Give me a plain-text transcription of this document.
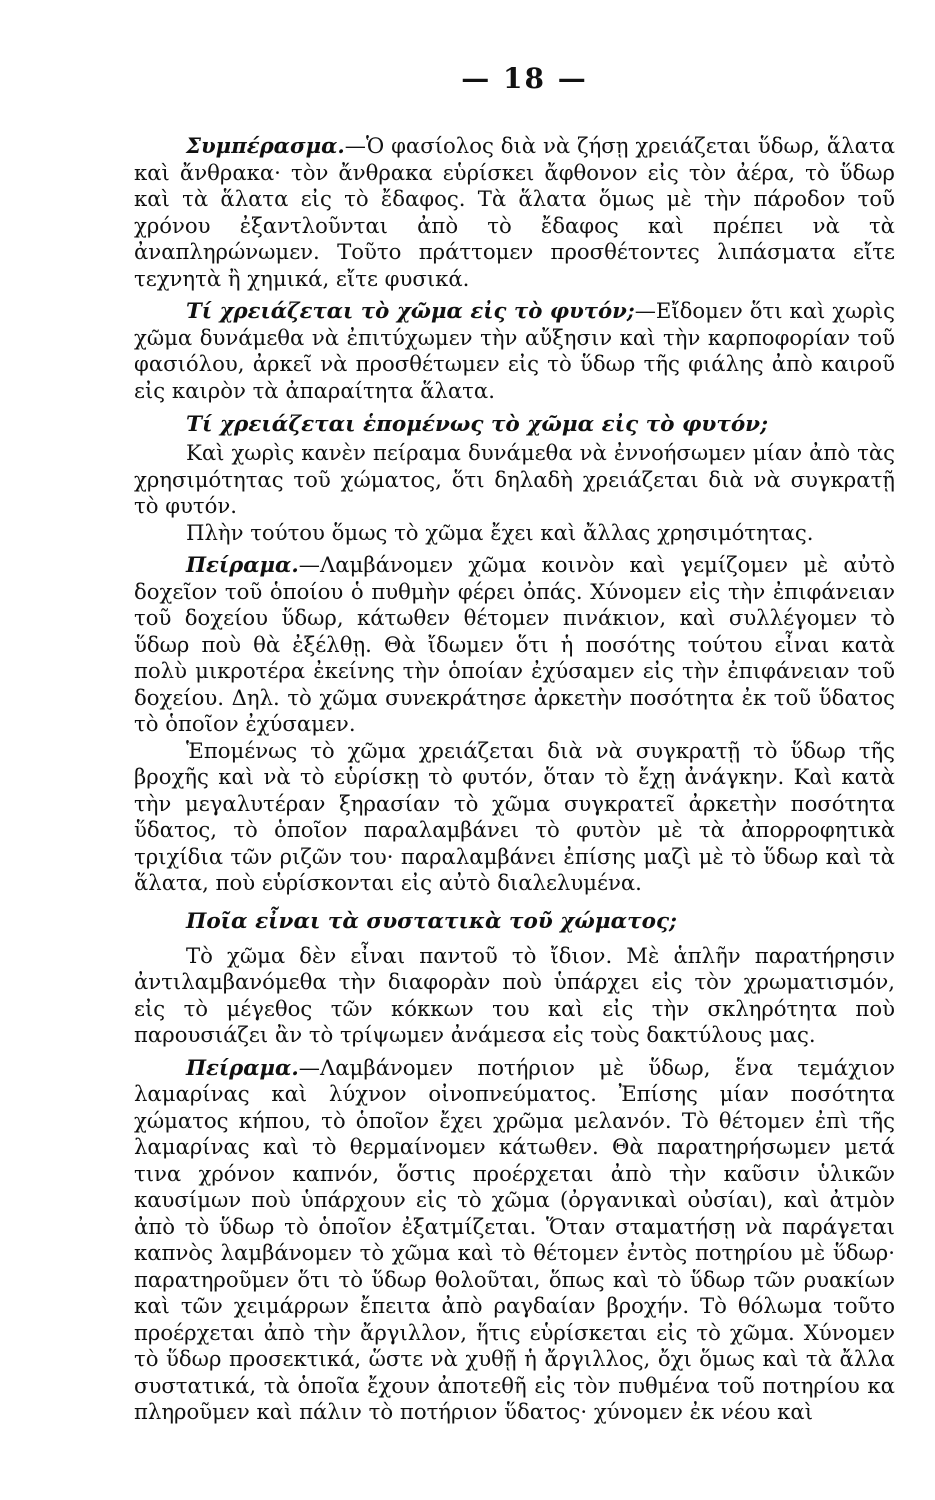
— 18 —

Συμπέρασμα.—Ὁ φασίολος διὰ νὰ ζήσῃ χρειάζεται ὕδωρ, ἅλατα καὶ ἄνθρακα· τὸν ἄνθρακα εὑρίσκει ἄφθονον εἰς τὸν ἀέρα, τὸ ὕδωρ καὶ τὰ ἅλατα εἰς τὸ ἔδαφος. Τὰ ἅλατα ὅμως μὲ τὴν πάροδον τοῦ χρόνου ἐξαντλοῦνται ἀπὸ τὸ ἔδαφος καὶ πρέπει νὰ τὰ ἀναπληρώνωμεν. Τοῦτο πράττομεν προσθέτοντες λιπάσματα εἴτε τεχνητὰ ἢ χημικά, εἴτε φυσικά.

Τί χρειάζεται τὸ χῶμα εἰς τὸ φυτόν;—Εἴδομεν ὅτι καὶ χωρὶς χῶμα δυνάμεθα νὰ ἐπιτύχωμεν τὴν αὔξησιν καὶ τὴν καρποφορίαν τοῦ φασιόλου, ἀρκεῖ νὰ προσθέτωμεν εἰς τὸ ὕδωρ τῆς φιάλης ἀπὸ καιροῦ εἰς καιρὸν τὰ ἀπαραίτητα ἅλατα.

Τί χρειάζεται ἑπομένως τὸ χῶμα εἰς τὸ φυτόν;

Καὶ χωρὶς κανὲν πείραμα δυνάμεθα νὰ ἐννοήσωμεν μίαν ἀπὸ τὰς χρησιμότητας τοῦ χώματος, ὅτι δηλαδὴ χρειάζεται διὰ νὰ συγκρατῇ τὸ φυτόν.

Πλὴν τούτου ὅμως τὸ χῶμα ἔχει καὶ ἄλλας χρησιμότητας.

Πείραμα.—Λαμβάνομεν χῶμα κοινὸν καὶ γεμίζομεν μὲ αὐτὸ δοχεῖον τοῦ ὁποίου ὁ πυθμὴν φέρει ὀπάς. Χύνομεν εἰς τὴν ἐπιφάνειαν τοῦ δοχείου ὕδωρ, κάτωθεν θέτομεν πινάκιον, καὶ συλλέγομεν τὸ ὕδωρ ποὺ θὰ ἐξέλθῃ. Θὰ ἴδωμεν ὅτι ἡ ποσότης τούτου εἶναι κατὰ πολὺ μικροτέρα ἐκείνης τὴν ὁποίαν ἐχύσαμεν εἰς τὴν ἐπιφάνειαν τοῦ δοχείου. Δηλ. τὸ χῶμα συνεκράτησε ἀρκετὴν ποσότητα ἐκ τοῦ ὕδατος τὸ ὁποῖον ἐχύσαμεν.

Ἑπομένως τὸ χῶμα χρειάζεται διὰ νὰ συγκρατῇ τὸ ὕδωρ τῆς βροχῆς καὶ νὰ τὸ εὑρίσκῃ τὸ φυτόν, ὅταν τὸ ἔχῃ ἀνάγκην. Καὶ κατὰ τὴν μεγαλυτέραν ξηρασίαν τὸ χῶμα συγκρατεῖ ἀρκετὴν ποσότητα ὕδατος, τὸ ὁποῖον παραλαμβάνει τὸ φυτὸν μὲ τὰ ἀπορροφητικὰ τριχίδια τῶν ριζῶν του· παραλαμβάνει ἐπίσης μαζὶ μὲ τὸ ὕδωρ καὶ τὰ ἅλατα, ποὺ εὑρίσκονται εἰς αὐτὸ διαλελυμένα.

Ποῖα εἶναι τὰ συστατικὰ τοῦ χώματος;

Τὸ χῶμα δὲν εἶναι παντοῦ τὸ ἴδιον. Μὲ ἁπλῆν παρατήρησιν ἀντιλαμβανόμεθα τὴν διαφορὰν ποὺ ὑπάρχει εἰς τὸν χρωματισμόν, εἰς τὸ μέγεθος τῶν κόκκων του καὶ εἰς τὴν σκληρότητα ποὺ παρουσιάζει ἂν τὸ τρίψωμεν ἀνάμεσα εἰς τοὺς δακτύλους μας.

Πείραμα.—Λαμβάνομεν ποτήριον μὲ ὕδωρ, ἕνα τεμάχιον λαμαρίνας καὶ λύχνον οἰνοπνεύματος. Ἐπίσης μίαν ποσότητα χώματος κήπου, τὸ ὁποῖον ἔχει χρῶμα μελανόν. Τὸ θέτομεν ἐπὶ τῆς λαμαρίνας καὶ τὸ θερμαίνομεν κάτωθεν. Θὰ παρατηρήσωμεν μετά τινα χρόνον καπνόν, ὅστις προέρχεται ἀπὸ τὴν καῦσιν ὑλικῶν καυσίμων ποὺ ὑπάρχουν εἰς τὸ χῶμα (ὀργανικαὶ οὐσίαι), καὶ ἀτμὸν ἀπὸ τὸ ὕδωρ τὸ ὁποῖον ἐξατμίζεται. Ὅταν σταματήσῃ νὰ παράγεται καπνὸς λαμβάνομεν τὸ χῶμα καὶ τὸ θέτομεν ἐντὸς ποτηρίου μὲ ὕδωρ· παρατηροῦμεν ὅτι τὸ ὕδωρ θολοῦται, ὅπως καὶ τὸ ὕδωρ τῶν ρυακίων καὶ τῶν χειμάρρων ἔπειτα ἀπὸ ραγδαίαν βροχήν. Τὸ θόλωμα τοῦτο προέρχεται ἀπὸ τὴν ἄργιλλον, ἥτις εὑρίσκεται εἰς τὸ χῶμα. Χύνομεν τὸ ὕδωρ προσεκτικά, ὥστε νὰ χυθῇ ἡ ἄργιλλος, ὄχι ὅμως καὶ τὰ ἄλλα συστατικά, τὰ ὁποῖα ἔχουν ἀποτεθῆ εἰς τὸν πυθμένα τοῦ ποτηρίου κα πληροῦμεν καὶ πάλιν τὸ ποτήριον ὕδατος· χύνομεν ἐκ νέου καὶ
